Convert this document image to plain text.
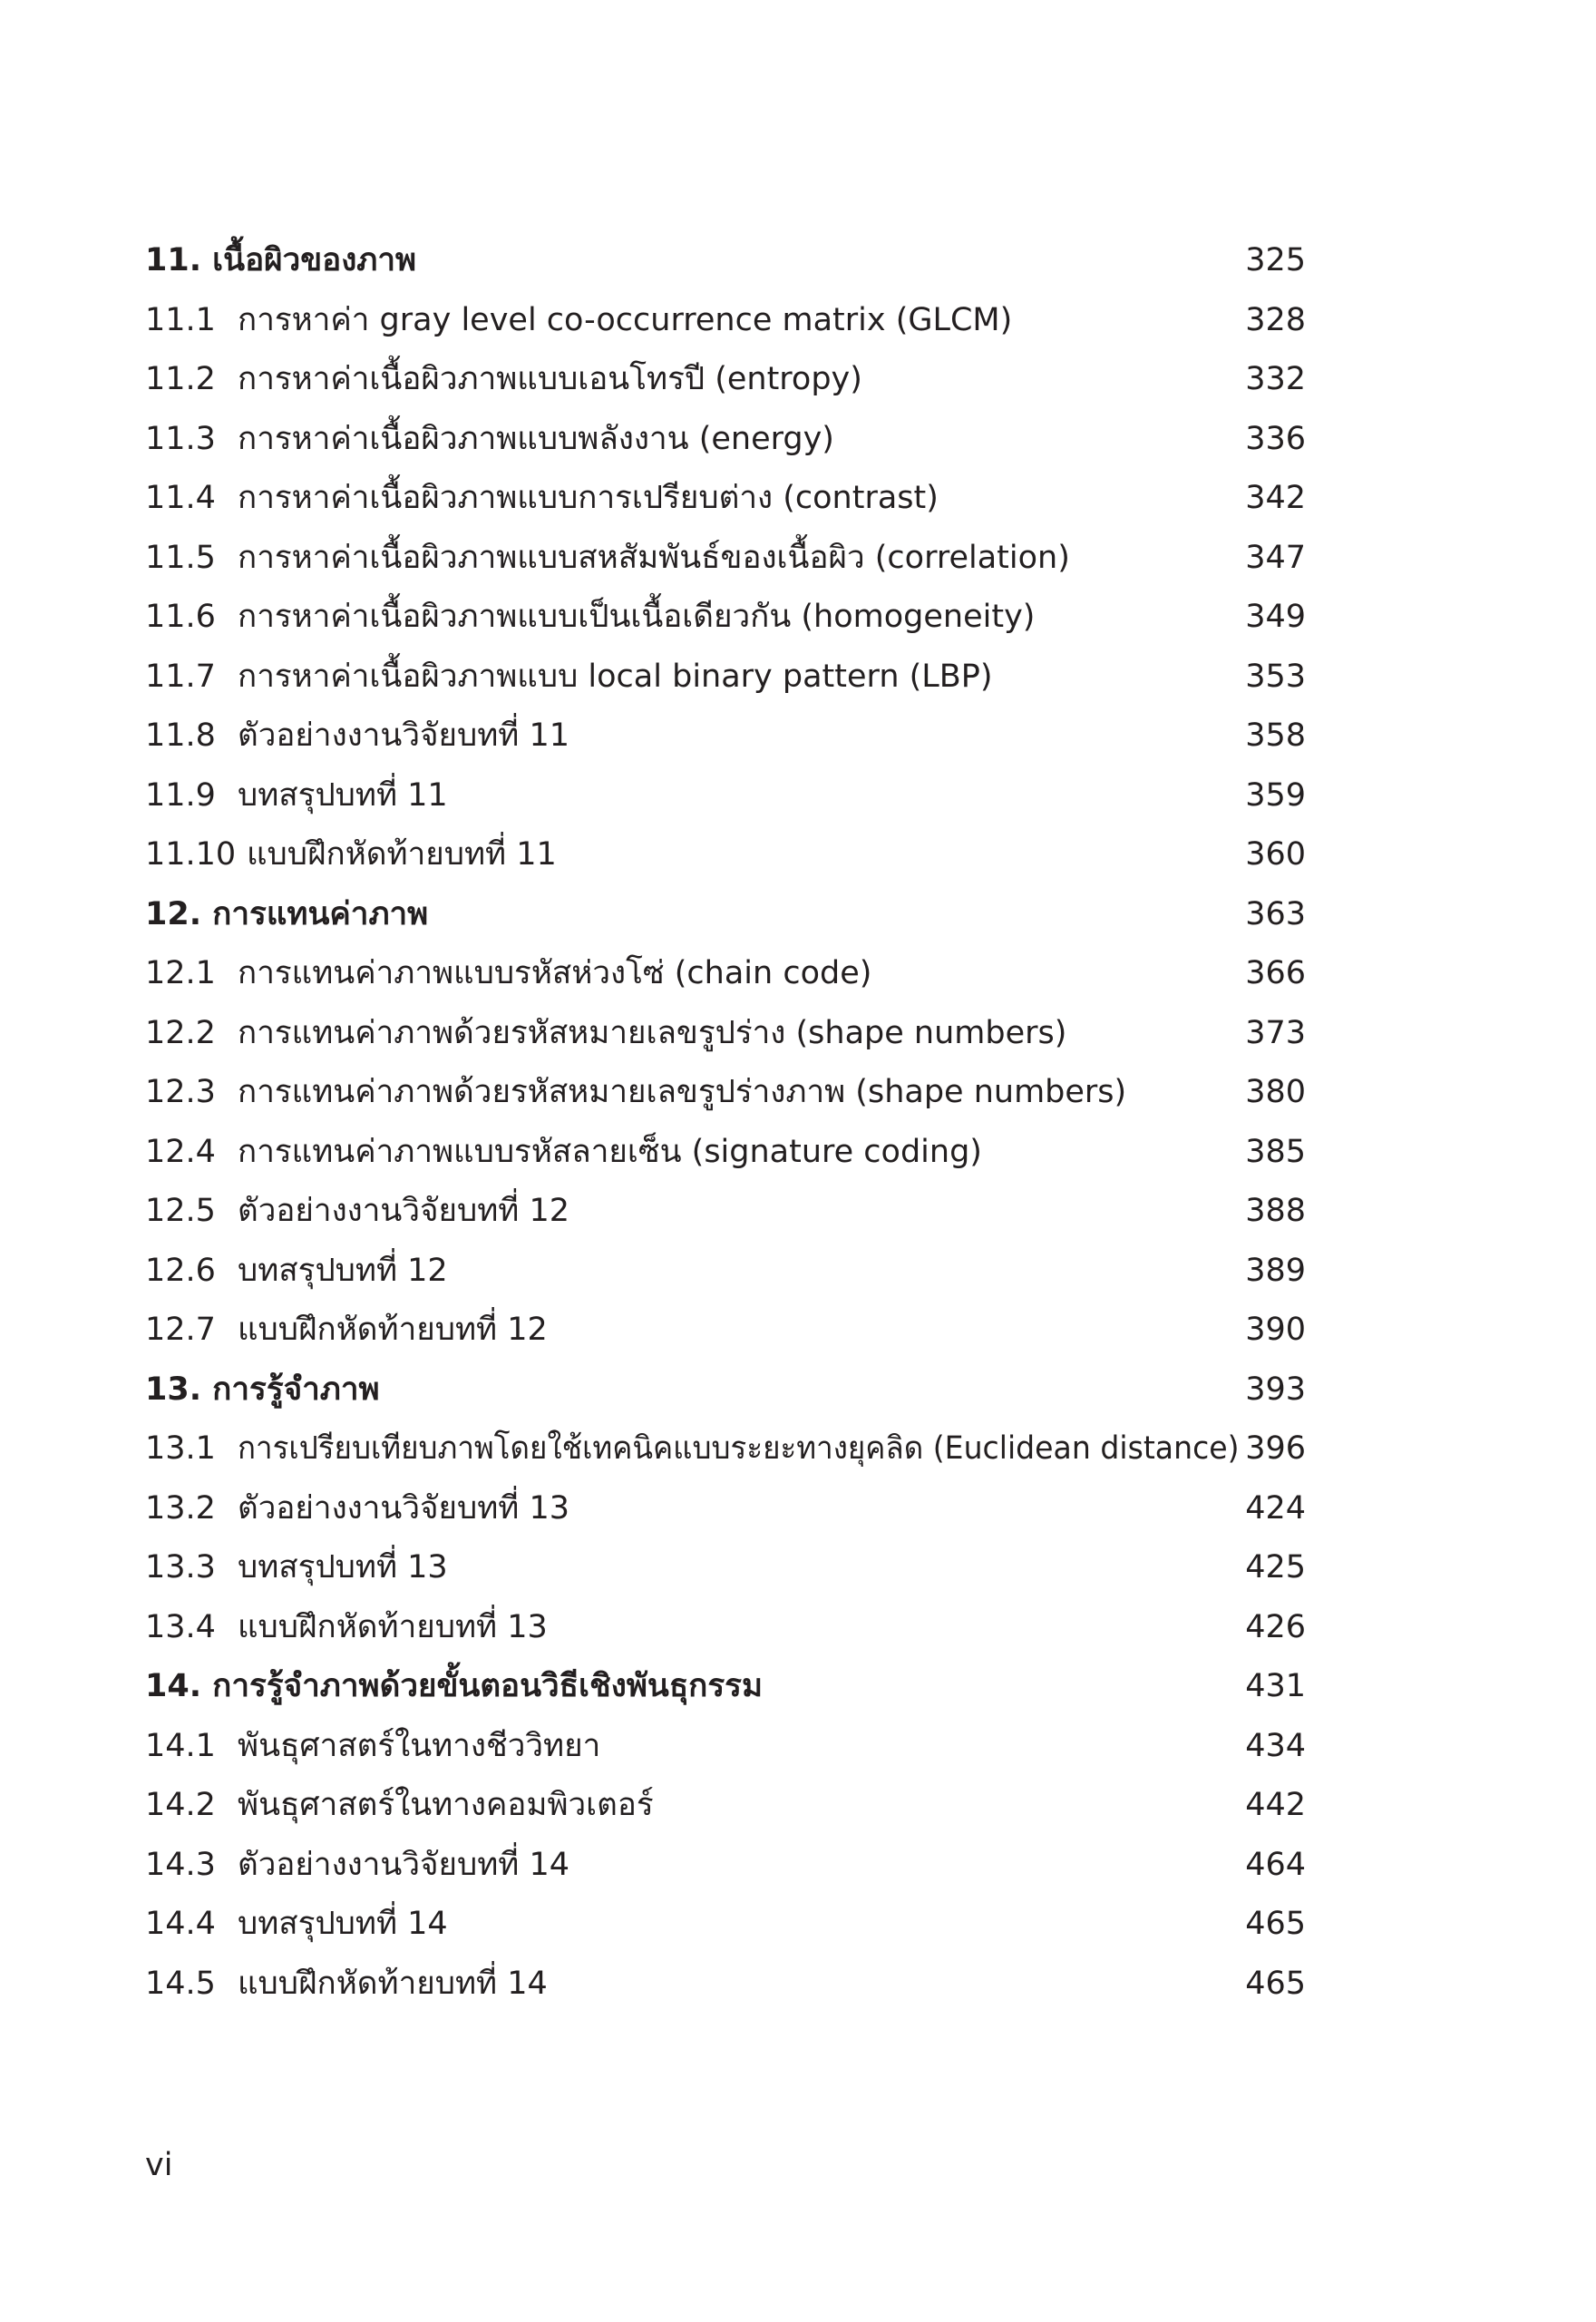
11. เนื้อผิวของภาพ	325
11.1 การหาค่า gray level co-occurrence matrix (GLCM)	328
11.2 การหาค่าเนื้อผิวภาพแบบเอนโทรปี (entropy)	332
11.3 การหาค่าเนื้อผิวภาพแบบพลังงาน (energy)	336
11.4 การหาค่าเนื้อผิวภาพแบบการเปรียบต่าง (contrast)	342
11.5 การหาค่าเนื้อผิวภาพแบบสหสัมพันธ์ของเนื้อผิว (correlation)	347
11.6 การหาค่าเนื้อผิวภาพแบบเป็นเนื้อเดียวกัน (homogeneity)	349
11.7 การหาค่าเนื้อผิวภาพแบบ local binary pattern (LBP)	353
11.8 ตัวอย่างงานวิจัยบทที่ 11	358
11.9 บทสรุปบทที่ 11	359
11.10 แบบฝึกหัดท้ายบทที่ 11	360
12. การแทนค่าภาพ	363
12.1 การแทนค่าภาพแบบรหัสห่วงโซ่ (chain code)	366
12.2 การแทนค่าภาพด้วยรหัสหมายเลขรูปร่าง (shape numbers)	373
12.3 การแทนค่าภาพด้วยรหัสหมายเลขรูปร่างภาพ (shape numbers)	380
12.4 การแทนค่าภาพแบบรหัสลายเซ็น (signature coding)	385
12.5 ตัวอย่างงานวิจัยบทที่ 12	388
12.6 บทสรุปบทที่ 12	389
12.7 แบบฝึกหัดท้ายบทที่ 12	390
13. การรู้จำภาพ	393
13.1 การเปรียบเทียบภาพโดยใช้เทคนิคแบบระยะทางยุคลิด (Euclidean distance) 396
13.2 ตัวอย่างงานวิจัยบทที่ 13	424
13.3 บทสรุปบทที่ 13	425
13.4 แบบฝึกหัดท้ายบทที่ 13	426
14. การรู้จำภาพด้วยขั้นตอนวิธีเชิงพันธุกรรม	431
14.1 พันธุศาสตร์ในทางชีววิทยา	434
14.2 พันธุศาสตร์ในทางคอมพิวเตอร์	442
14.3 ตัวอย่างงานวิจัยบทที่ 14	464
14.4 บทสรุปบทที่ 14	465
14.5 แบบฝึกหัดท้ายบทที่ 14	465
vi
